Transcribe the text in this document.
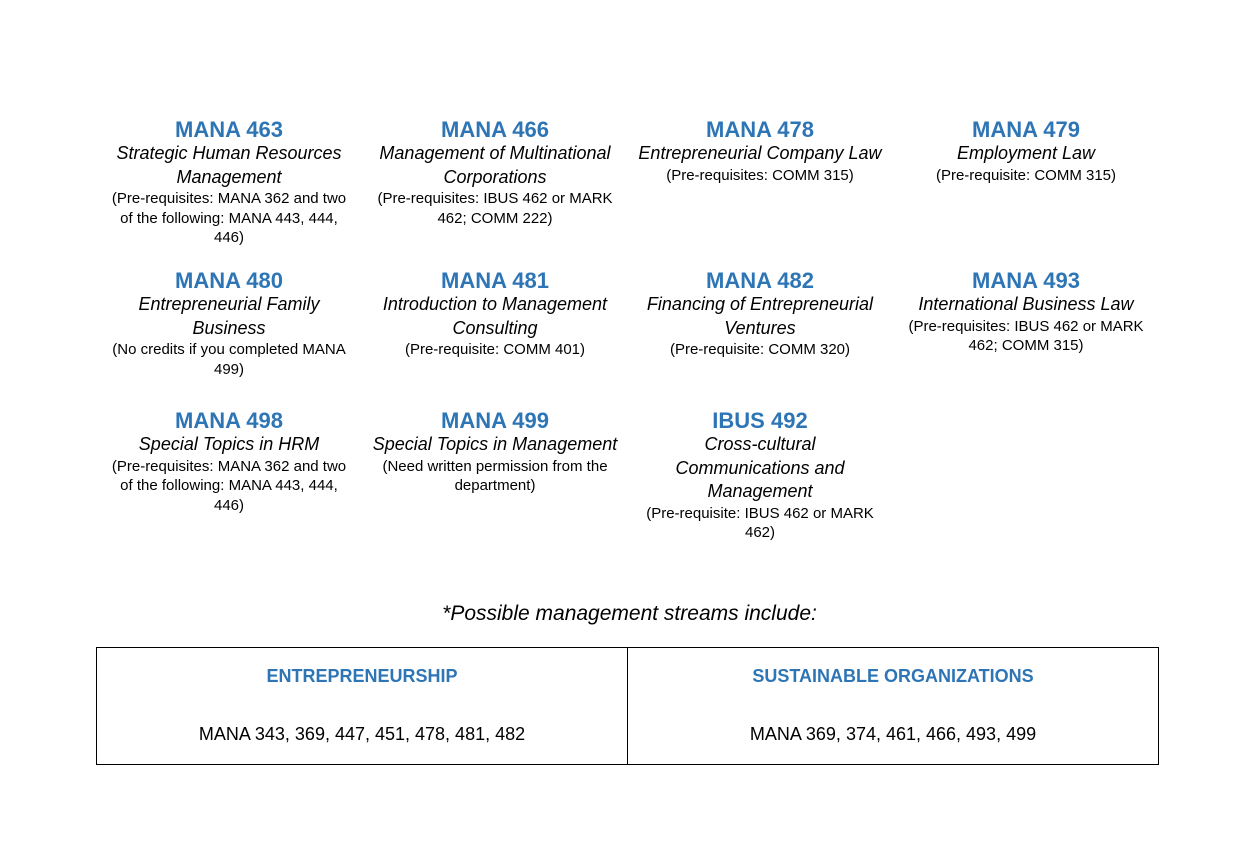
MANA 463
Strategic Human Resources Management
(Pre-requisites: MANA 362 and two of the following: MANA 443, 444, 446)
MANA 466
Management of Multinational Corporations
(Pre-requisites: IBUS 462 or MARK 462; COMM 222)
MANA 478
Entrepreneurial Company Law
(Pre-requisites: COMM 315)
MANA 479
Employment Law
(Pre-requisite: COMM 315)
MANA 480
Entrepreneurial Family Business
(No credits if you completed MANA 499)
MANA 481
Introduction to Management Consulting
(Pre-requisite: COMM 401)
MANA 482
Financing of Entrepreneurial Ventures
(Pre-requisite: COMM 320)
MANA 493
International Business Law
(Pre-requisites: IBUS 462 or MARK 462; COMM 315)
MANA 498
Special Topics in HRM
(Pre-requisites: MANA 362 and two of the following: MANA 443, 444, 446)
MANA 499
Special Topics in Management
(Need written permission from the department)
IBUS 492
Cross-cultural Communications and Management
(Pre-requisite: IBUS 462 or MARK 462)
*Possible management streams include:
ENTREPRENEURSHIP
MANA 343, 369, 447, 451, 478, 481, 482
SUSTAINABLE ORGANIZATIONS
MANA 369, 374, 461, 466, 493, 499
